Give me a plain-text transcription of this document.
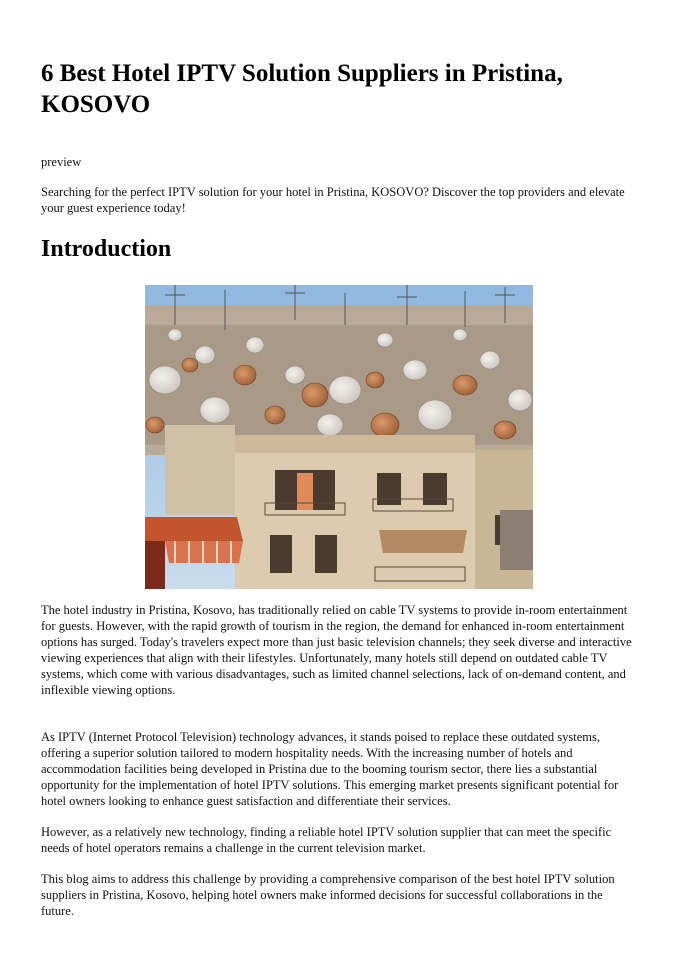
6 Best Hotel IPTV Solution Suppliers in Pristina, KOSOVO

preview

Searching for the perfect IPTV solution for your hotel in Pristina, KOSOVO? Discover the top providers and elevate your guest experience today!

Introduction

The hotel industry in Pristina, Kosovo, has traditionally relied on cable TV systems to provide in-room entertainment for guests. However, with the rapid growth of tourism in the region, the demand for enhanced in-room entertainment options has surged. Today's travelers expect more than just basic television channels; they seek diverse and interactive viewing experiences that align with their lifestyles. Unfortunately, many hotels still depend on outdated cable TV systems, which come with various disadvantages, such as limited channel selections, lack of on-demand content, and inflexible viewing options.

As IPTV (Internet Protocol Television) technology advances, it stands poised to replace these outdated systems, offering a superior solution tailored to modern hospitality needs. With the increasing number of hotels and accommodation facilities being developed in Pristina due to the booming tourism sector, there lies a substantial opportunity for the implementation of hotel IPTV solutions. This emerging market presents significant potential for hotel owners looking to enhance guest satisfaction and differentiate their services.

However, as a relatively new technology, finding a reliable hotel IPTV solution supplier that can meet the specific needs of hotel operators remains a challenge in the current television market.

This blog aims to address this challenge by providing a comprehensive comparison of the best hotel IPTV solution suppliers in Pristina, Kosovo, helping hotel owners make informed decisions for successful collaborations in the future.
